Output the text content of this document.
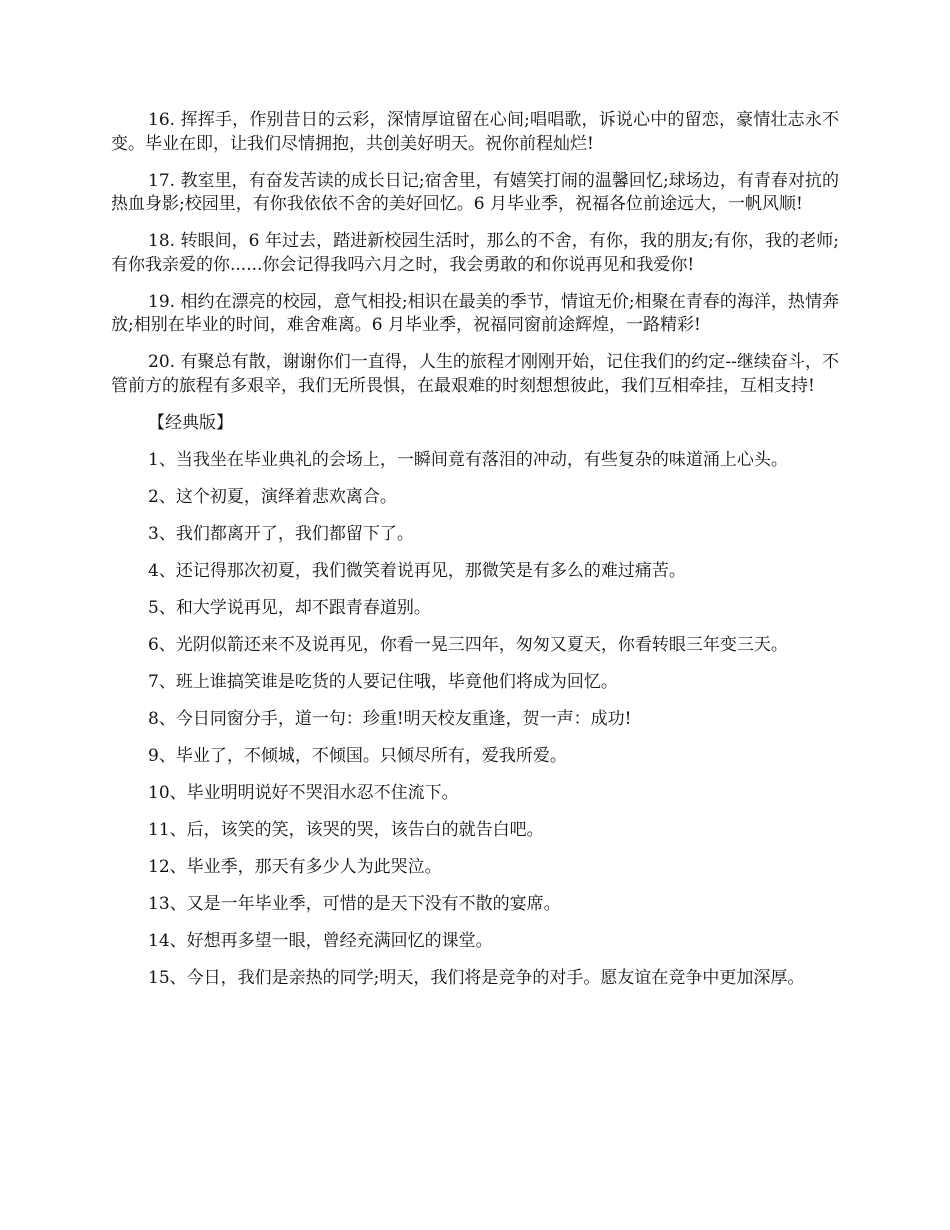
16. 挥挥手，作别昔日的云彩，深情厚谊留在心间;唱唱歌，诉说心中的留恋，豪情壮志永不变。毕业在即，让我们尽情拥抱，共创美好明天。祝你前程灿烂!

17. 教室里，有奋发苦读的成长日记;宿舍里，有嬉笑打闹的温馨回忆;球场边，有青春对抗的热血身影;校园里，有你我依依不舍的美好回忆。6 月毕业季，祝福各位前途远大，一帆风顺!

18. 转眼间，6 年过去，踏进新校园生活时，那么的不舍，有你，我的朋友;有你，我的老师;有你我亲爱的你......你会记得我吗六月之时，我会勇敢的和你说再见和我爱你!

19. 相约在漂亮的校园，意气相投;相识在最美的季节，情谊无价;相聚在青春的海洋，热情奔放;相别在毕业的时间，难舍难离。6 月毕业季，祝福同窗前途辉煌，一路精彩!

20. 有聚总有散，谢谢你们一直得，人生的旅程才刚刚开始，记住我们的约定--继续奋斗，不管前方的旅程有多艰辛，我们无所畏惧，在最艰难的时刻想想彼此，我们互相牵挂，互相支持!

【经典版】

1、当我坐在毕业典礼的会场上，一瞬间竟有落泪的冲动，有些复杂的味道涌上心头。

2、这个初夏，演绎着悲欢离合。

3、我们都离开了，我们都留下了。

4、还记得那次初夏，我们微笑着说再见，那微笑是有多么的难过痛苦。

5、和大学说再见，却不跟青春道别。

6、光阴似箭还来不及说再见，你看一晃三四年，匆匆又夏天，你看转眼三年变三天。

7、班上谁搞笑谁是吃货的人要记住哦，毕竟他们将成为回忆。

8、今日同窗分手，道一句：珍重!明天校友重逢，贺一声：成功!

9、毕业了，不倾城，不倾国。只倾尽所有，爱我所爱。

10、毕业明明说好不哭泪水忍不住流下。

11、后，该笑的笑，该哭的哭，该告白的就告白吧。

12、毕业季，那天有多少人为此哭泣。

13、又是一年毕业季，可惜的是天下没有不散的宴席。

14、好想再多望一眼，曾经充满回忆的课堂。

15、今日，我们是亲热的同学;明天，我们将是竞争的对手。愿友谊在竞争中更加深厚。
